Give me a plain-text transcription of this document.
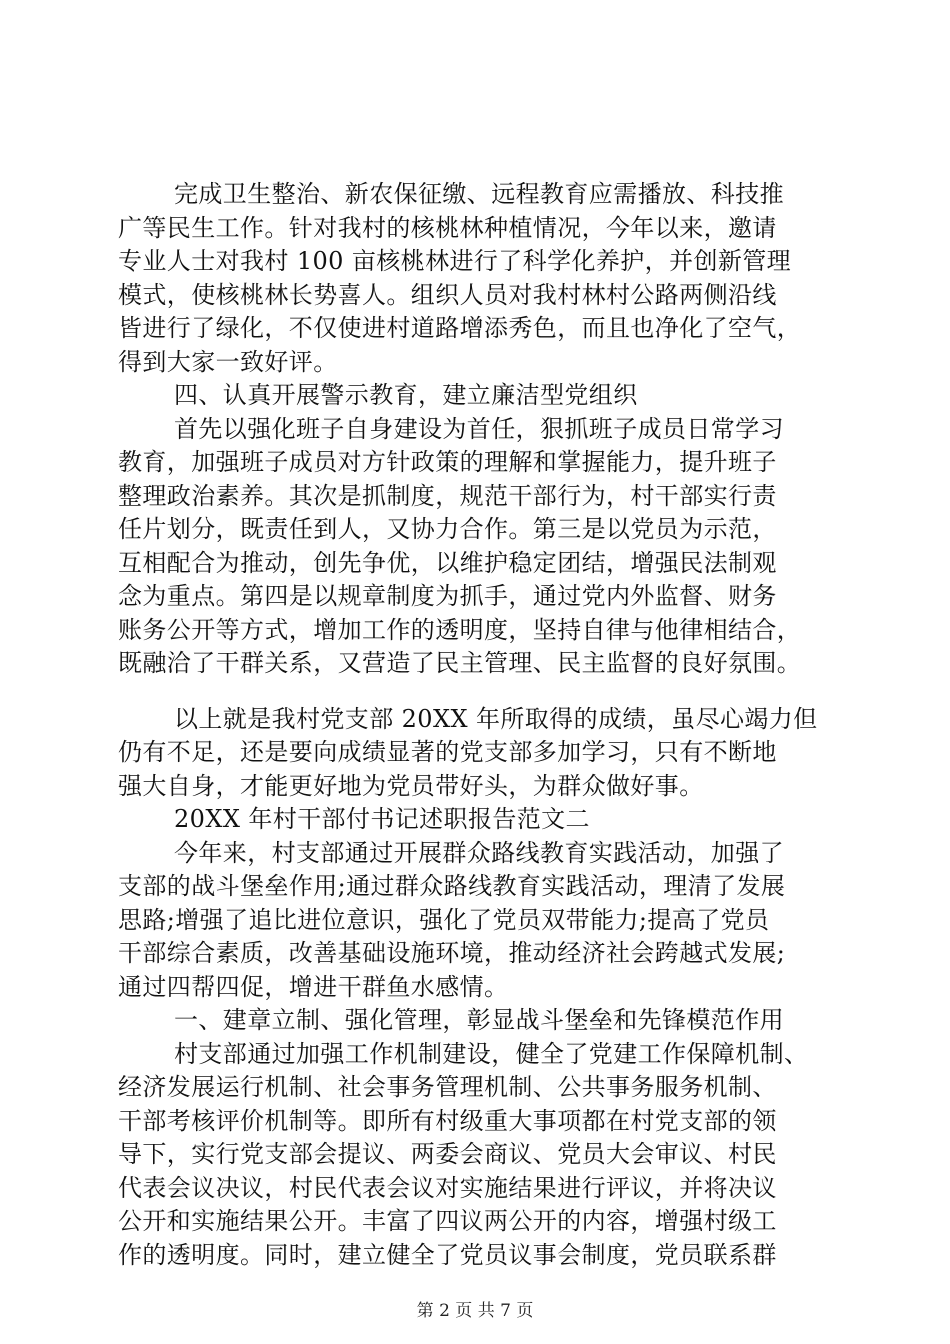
完成卫生整治、新农保征缴、远程教育应需播放、科技推
广等民生工作。针对我村的核桃林种植情况，今年以来，邀请
专业人士对我村 100 亩核桃林进行了科学化养护，并创新管理
模式，使核桃林长势喜人。组织人员对我村林村公路两侧沿线
皆进行了绿化，不仅使进村道路增添秀色，而且也净化了空气，
得到大家一致好评。
四、认真开展警示教育，建立廉洁型党组织
首先以强化班子自身建设为首任，狠抓班子成员日常学习
教育，加强班子成员对方针政策的理解和掌握能力，提升班子
整理政治素养。其次是抓制度，规范干部行为，村干部实行责
任片划分，既责任到人，又协力合作。第三是以党员为示范，
互相配合为推动，创先争优，以维护稳定团结，增强民法制观
念为重点。第四是以规章制度为抓手，通过党内外监督、财务
账务公开等方式，增加工作的透明度，坚持自律与他律相结合，
既融洽了干群关系，又营造了民主管理、民主监督的良好氛围。
以上就是我村党支部 20XX 年所取得的成绩，虽尽心竭力但
仍有不足，还是要向成绩显著的党支部多加学习，只有不断地
强大自身，才能更好地为党员带好头，为群众做好事。
20XX 年村干部付书记述职报告范文二
今年来，村支部通过开展群众路线教育实践活动，加强了
支部的战斗堡垒作用;通过群众路线教育实践活动，理清了发展
思路;增强了追比进位意识，强化了党员双带能力;提高了党员
干部综合素质，改善基础设施环境，推动经济社会跨越式发展;
通过四帮四促，增进干群鱼水感情。
一、建章立制、强化管理，彰显战斗堡垒和先锋模范作用
村支部通过加强工作机制建设，健全了党建工作保障机制、
经济发展运行机制、社会事务管理机制、公共事务服务机制、
干部考核评价机制等。即所有村级重大事项都在村党支部的领
导下，实行党支部会提议、两委会商议、党员大会审议、村民
代表会议决议，村民代表会议对实施结果进行评议，并将决议
公开和实施结果公开。丰富了四议两公开的内容，增强村级工
作的透明度。同时，建立健全了党员议事会制度，党员联系群
第 2 页 共 7 页
